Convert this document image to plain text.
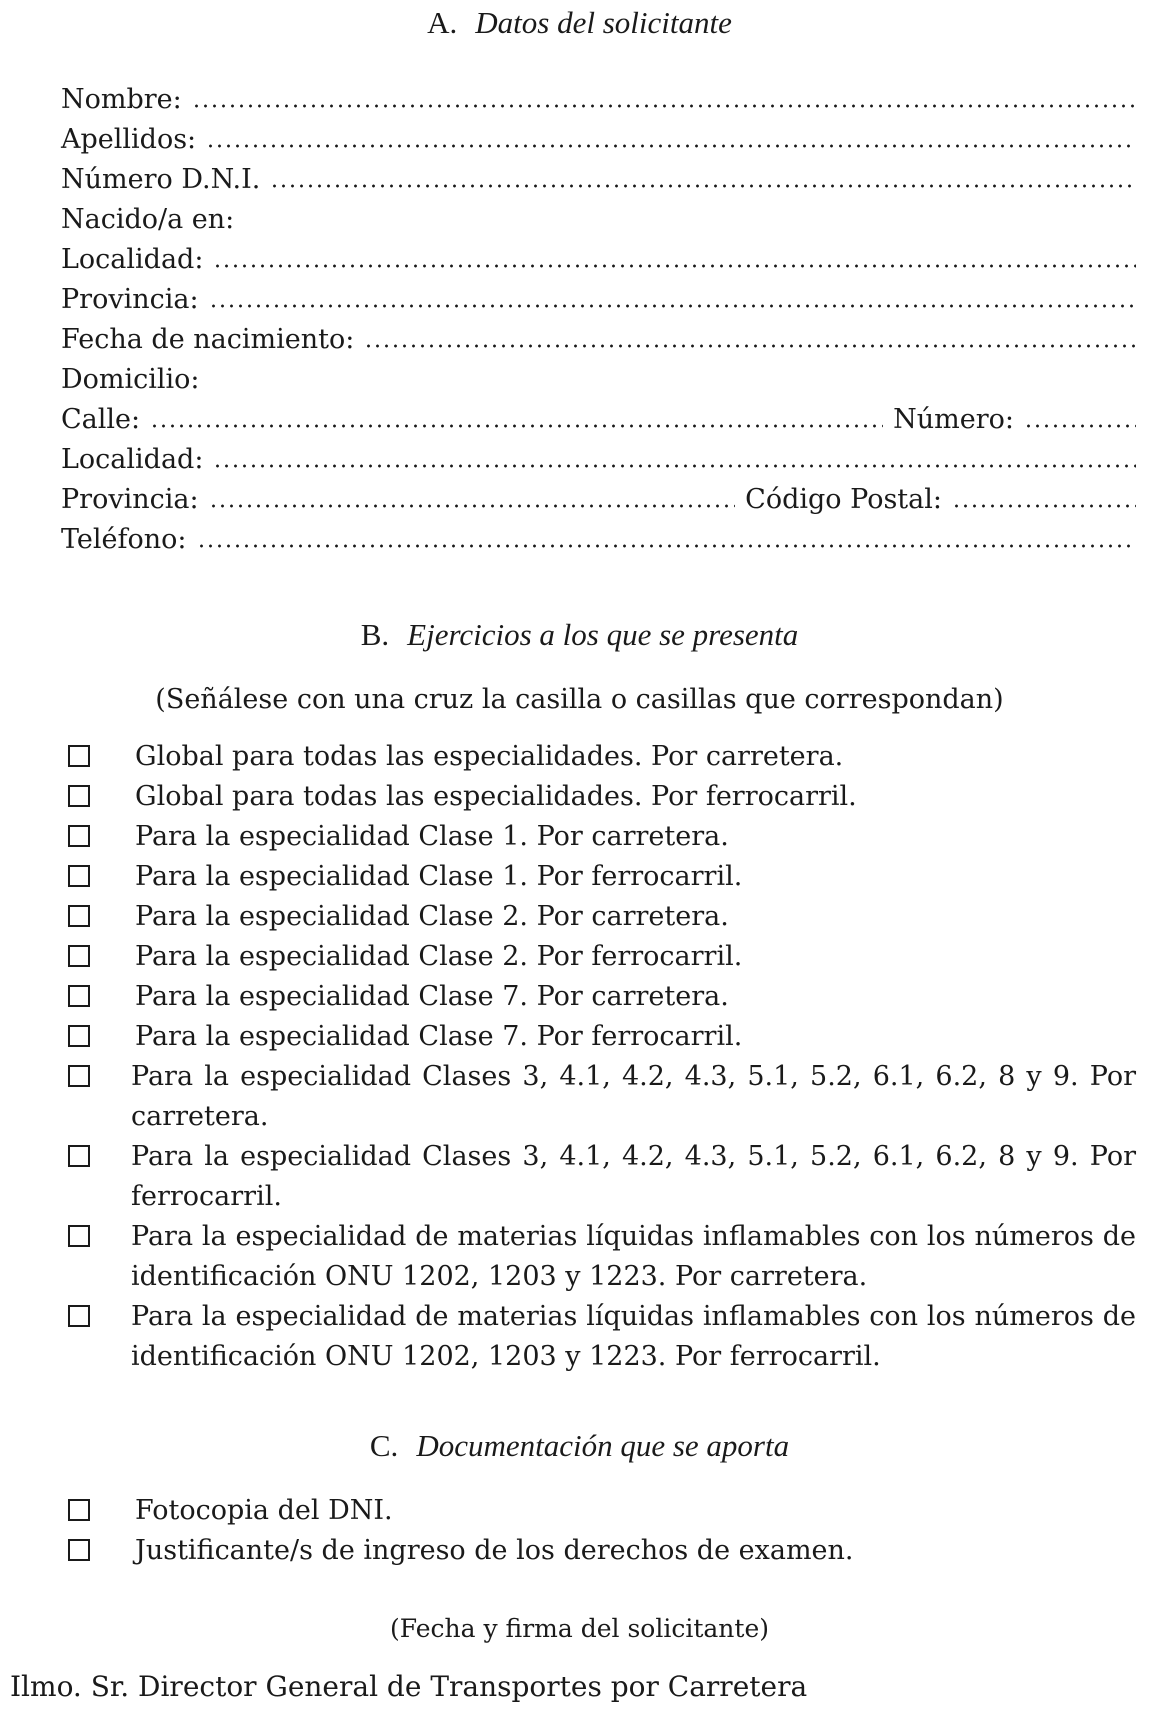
A. Datos del solicitante
Nombre:
Apellidos:
Número D.N.I.
Nacido/a en:
Localidad:
Provincia:
Fecha de nacimiento:
Domicilio:
Calle:	Número:
Localidad:
Provincia:	Código Postal:
Teléfono:
B. Ejercicios a los que se presenta
(Señálese con una cruz la casilla o casillas que correspondan)
Global para todas las especialidades. Por carretera.
Global para todas las especialidades. Por ferrocarril.
Para la especialidad Clase 1. Por carretera.
Para la especialidad Clase 1. Por ferrocarril.
Para la especialidad Clase 2. Por carretera.
Para la especialidad Clase 2. Por ferrocarril.
Para la especialidad Clase 7. Por carretera.
Para la especialidad Clase 7. Por ferrocarril.
Para la especialidad Clases 3, 4.1, 4.2, 4.3, 5.1, 5.2, 6.1, 6.2, 8 y 9. Por carretera.
Para la especialidad Clases 3, 4.1, 4.2, 4.3, 5.1, 5.2, 6.1, 6.2, 8 y 9. Por ferrocarril.
Para la especialidad de materias líquidas inflamables con los números de identificación ONU 1202, 1203 y 1223. Por carretera.
Para la especialidad de materias líquidas inflamables con los números de identificación ONU 1202, 1203 y 1223. Por ferrocarril.
C. Documentación que se aporta
Fotocopia del DNI.
Justificante/s de ingreso de los derechos de examen.
(Fecha y firma del solicitante)
Ilmo. Sr. Director General de Transportes por Carretera
